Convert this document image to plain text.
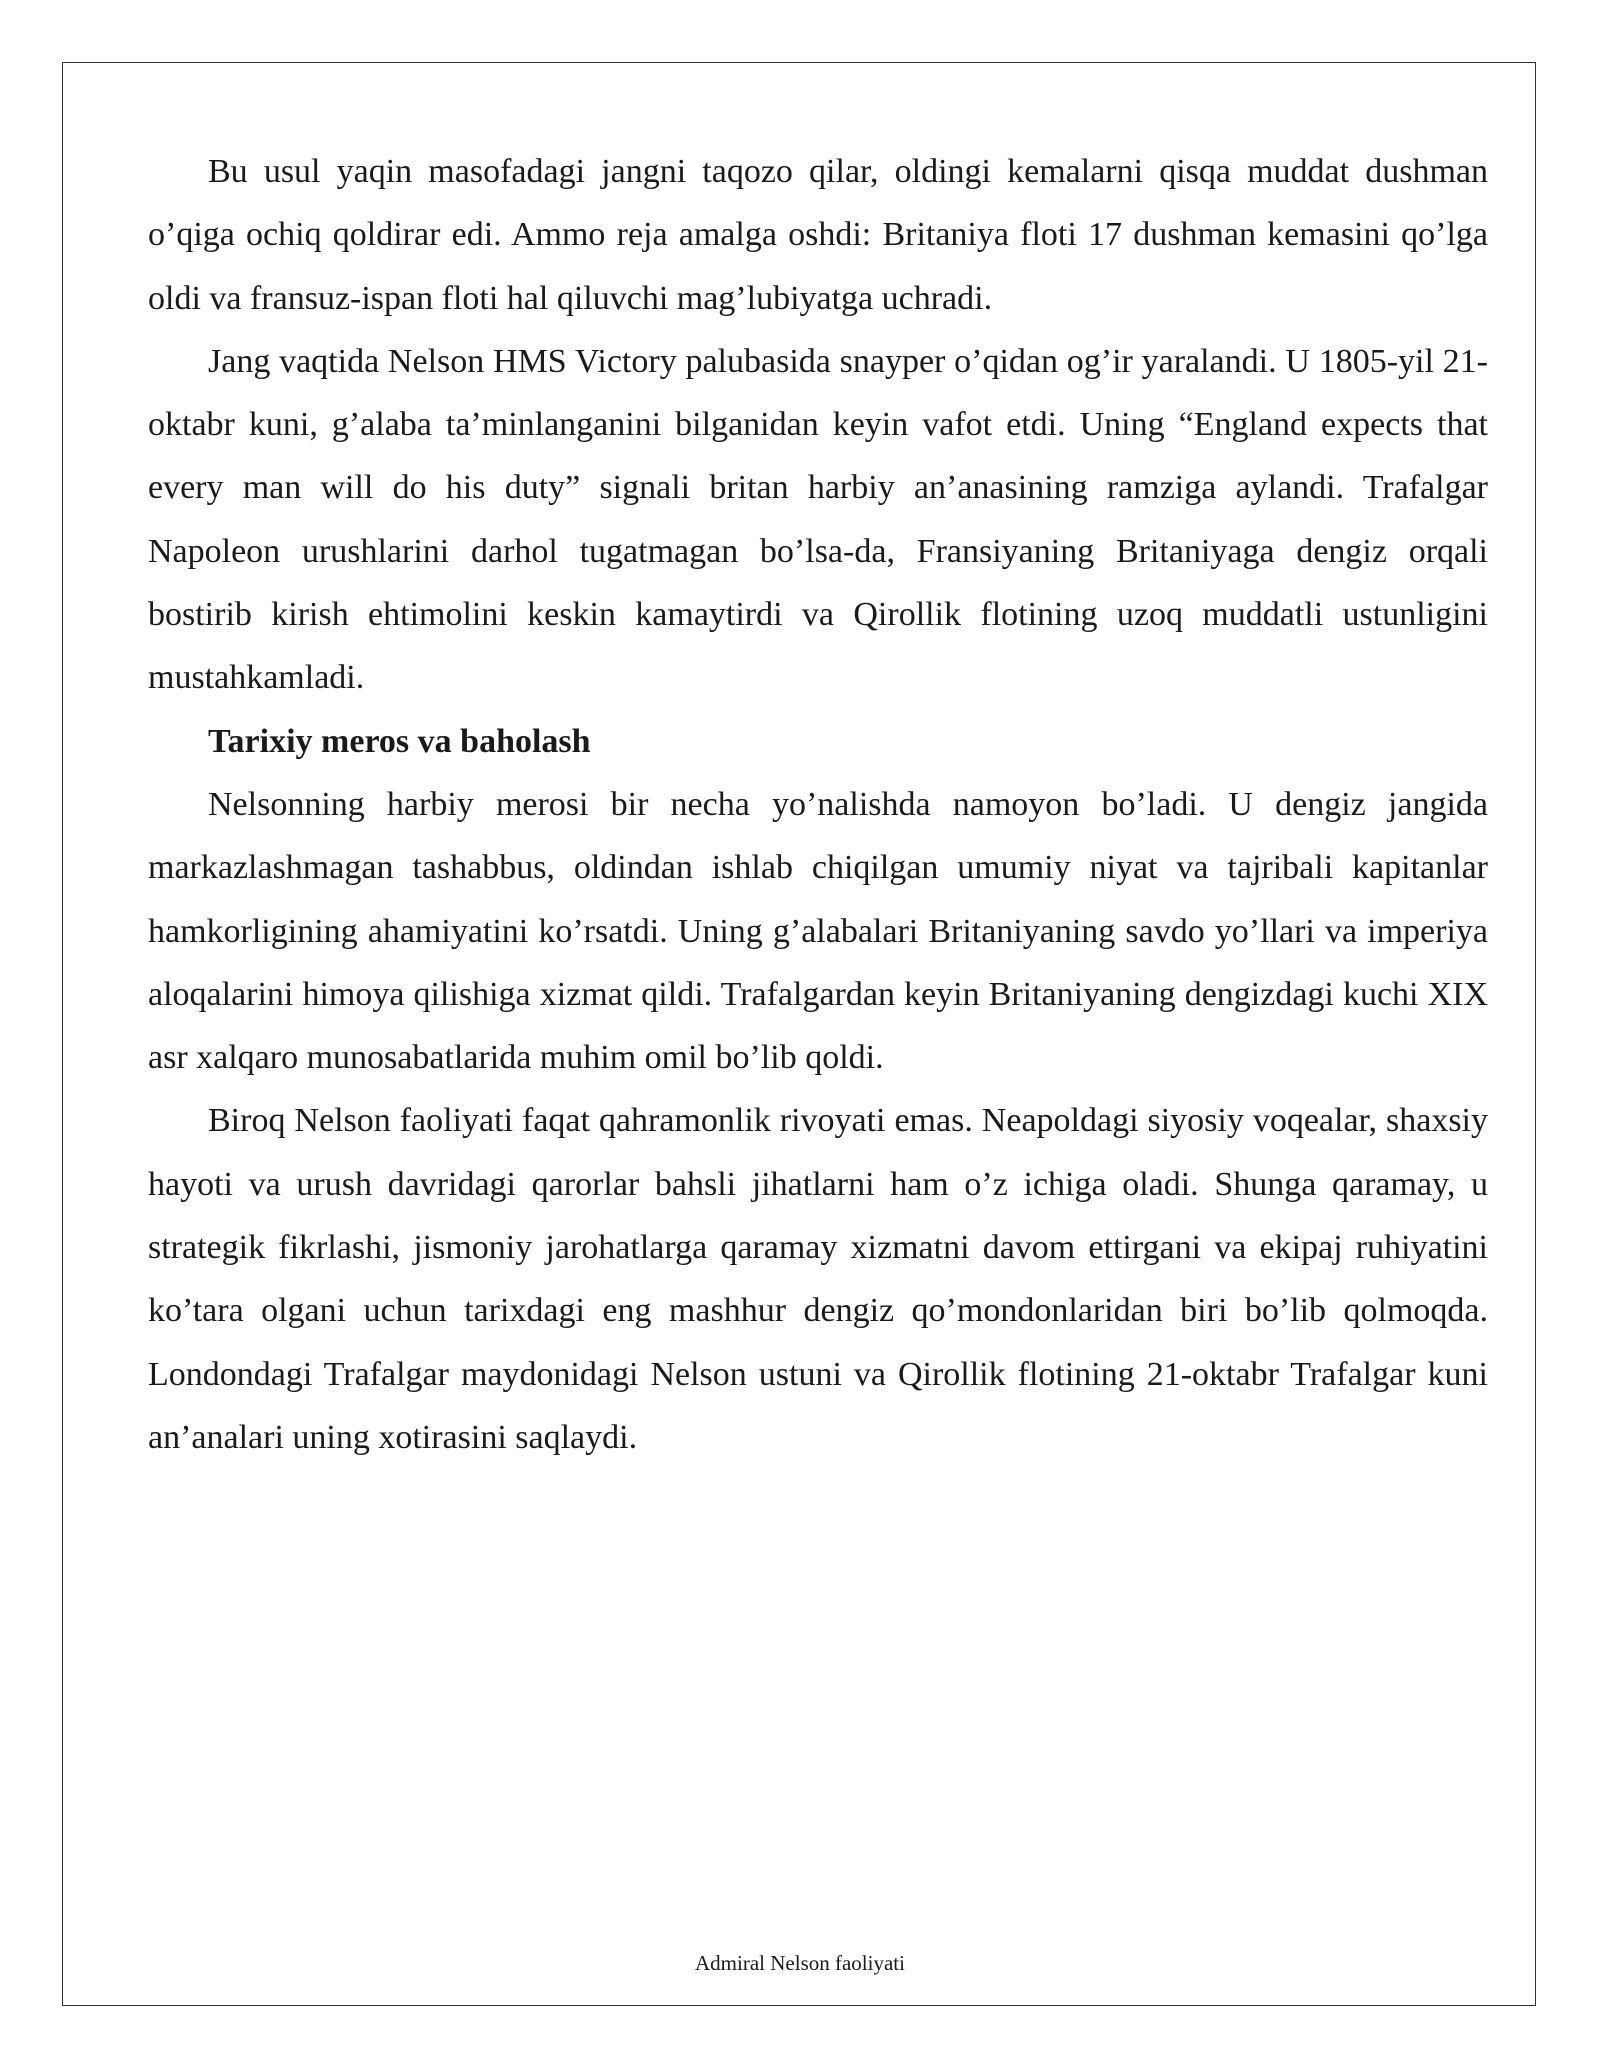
Bu usul yaqin masofadagi jangni taqozo qilar, oldingi kemalarni qisqa muddat dushman o’qiga ochiq qoldirar edi. Ammo reja amalga oshdi: Britaniya floti 17 dushman kemasini qo’lga oldi va fransuz-ispan floti hal qiluvchi mag’lubiyatga uchradi.

Jang vaqtida Nelson HMS Victory palubasida snayper o’qidan og’ir yaralandi. U 1805-yil 21-oktabr kuni, g’alaba ta’minlanganini bilganidan keyin vafot etdi. Uning “England expects that every man will do his duty” signali britan harbiy an’anasining ramziga aylandi. Trafalgar Napoleon urushlarini darhol tugatmagan bo’lsa-da, Fransiyaning Britaniyaga dengiz orqali bostirib kirish ehtimolini keskin kamaytirdi va Qirollik flotining uzoq muddatli ustunligini mustahkamladi.

Tarixiy meros va baholash

Nelsonning harbiy merosi bir necha yo’nalishda namoyon bo’ladi. U dengiz jangida markazlashmagan tashabbus, oldindan ishlab chiqilgan umumiy niyat va tajribali kapitanlar hamkorligining ahamiyatini ko’rsatdi. Uning g’alabalari Britaniyaning savdo yo’llari va imperiya aloqalarini himoya qilishiga xizmat qildi. Trafalgardan keyin Britaniyaning dengizdagi kuchi XIX asr xalqaro munosabatlarida muhim omil bo’lib qoldi.

Biroq Nelson faoliyati faqat qahramonlik rivoyati emas. Neapoldagi siyosiy voqealar, shaxsiy hayoti va urush davridagi qarorlar bahsli jihatlarni ham o’z ichiga oladi. Shunga qaramay, u strategik fikrlashi, jismoniy jarohatlarga qaramay xizmatni davom ettirgani va ekipaj ruhiyatini ko’tara olgani uchun tarixdagi eng mashhur dengiz qo’mondonlaridan biri bo’lib qolmoqda. Londondagi Trafalgar maydonidagi Nelson ustuni va Qirollik flotining 21-oktabr Trafalgar kuni an’analari uning xotirasini saqlaydi.

Admiral Nelson faoliyati
